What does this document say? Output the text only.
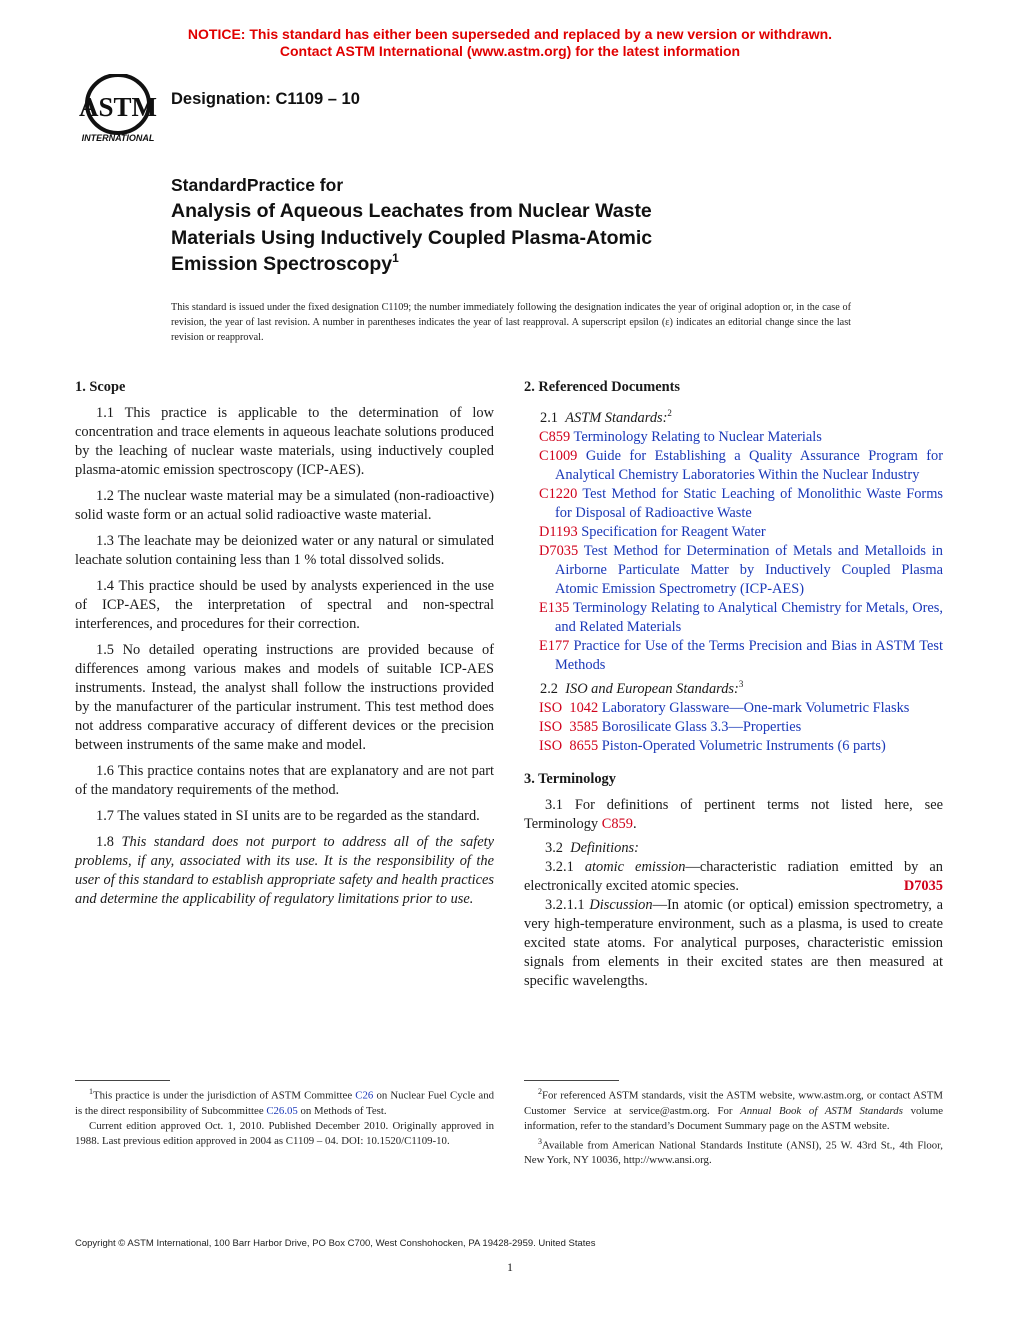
NOTICE: This standard has either been superseded and replaced by a new version or withdrawn.
Contact ASTM International (www.astm.org) for the latest information
ASTM
INTERNATIONAL
Designation: C1109 – 10
StandardPractice for
Analysis of Aqueous Leachates from Nuclear Waste
Materials Using Inductively Coupled Plasma-Atomic
Emission Spectroscopy$^1$
This standard is issued under the fixed designation C1109; the number immediately following the designation indicates the year of original adoption or, in the case of revision, the year of last revision. A number in parentheses indicates the year of last reapproval. A superscript epsilon (ε) indicates an editorial change since the last revision or reapproval.
1. Scope
1.1 This practice is applicable to the determination of low concentration and trace elements in aqueous leachate solutions produced by the leaching of nuclear waste materials, using inductively coupled plasma-atomic emission spectroscopy (ICP-AES).
1.2 The nuclear waste material may be a simulated (non-radioactive) solid waste form or an actual solid radioactive waste material.
1.3 The leachate may be deionized water or any natural or simulated leachate solution containing less than 1 % total dissolved solids.
1.4 This practice should be used by analysts experienced in the use of ICP-AES, the interpretation of spectral and non-spectral interferences, and procedures for their correction.
1.5 No detailed operating instructions are provided because of differences among various makes and models of suitable ICP-AES instruments. Instead, the analyst shall follow the instructions provided by the manufacturer of the particular instrument. This test method does not address comparative accuracy of different devices or the precision between instruments of the same make and model.
1.6 This practice contains notes that are explanatory and are not part of the mandatory requirements of the method.
1.7 The values stated in SI units are to be regarded as the standard.
1.8 This standard does not purport to address all of the safety problems, if any, associated with its use. It is the responsibility of the user of this standard to establish appropriate safety and health practices and determine the applicability of regulatory limitations prior to use.
2. Referenced Documents
2.1 ASTM Standards:$^2$
C859 Terminology Relating to Nuclear Materials
C1009 Guide for Establishing a Quality Assurance Program for Analytical Chemistry Laboratories Within the Nuclear Industry
C1220 Test Method for Static Leaching of Monolithic Waste Forms for Disposal of Radioactive Waste
D1193 Specification for Reagent Water
D7035 Test Method for Determination of Metals and Metalloids in Airborne Particulate Matter by Inductively Coupled Plasma Atomic Emission Spectrometry (ICP-AES)
E135 Terminology Relating to Analytical Chemistry for Metals, Ores, and Related Materials
E177 Practice for Use of the Terms Precision and Bias in ASTM Test Methods
2.2 ISO and European Standards:$^3$
ISO  1042 Laboratory Glassware—One-mark Volumetric Flasks
ISO  3585 Borosilicate Glass 3.3—Properties
ISO  8655 Piston-Operated Volumetric Instruments (6 parts)
3. Terminology
3.1 For definitions of pertinent terms not listed here, see Terminology C859.
3.2 Definitions:
3.2.1 atomic emission—characteristic radiation emitted by an electronically excited atomic species.	D7035
3.2.1.1 Discussion—In atomic (or optical) emission spectrometry, a very high-temperature environment, such as a plasma, is used to create excited state atoms. For analytical purposes, characteristic emission signals from elements in their excited states are then measured at specific wavelengths.
$^1$This practice is under the jurisdiction of ASTM Committee C26 on Nuclear Fuel Cycle and is the direct responsibility of Subcommittee C26.05 on Methods of Test.
Current edition approved Oct. 1, 2010. Published December 2010. Originally approved in 1988. Last previous edition approved in 2004 as C1109 – 04. DOI: 10.1520/C1109-10.
$^2$For referenced ASTM standards, visit the ASTM website, www.astm.org, or contact ASTM Customer Service at service@astm.org. For Annual Book of ASTM Standards volume information, refer to the standard’s Document Summary page on the ASTM website.
$^3$Available from American National Standards Institute (ANSI), 25 W. 43rd St., 4th Floor, New York, NY 10036, http://www.ansi.org.
Copyright © ASTM International, 100 Barr Harbor Drive, PO Box C700, West Conshohocken, PA 19428-2959. United States
1
